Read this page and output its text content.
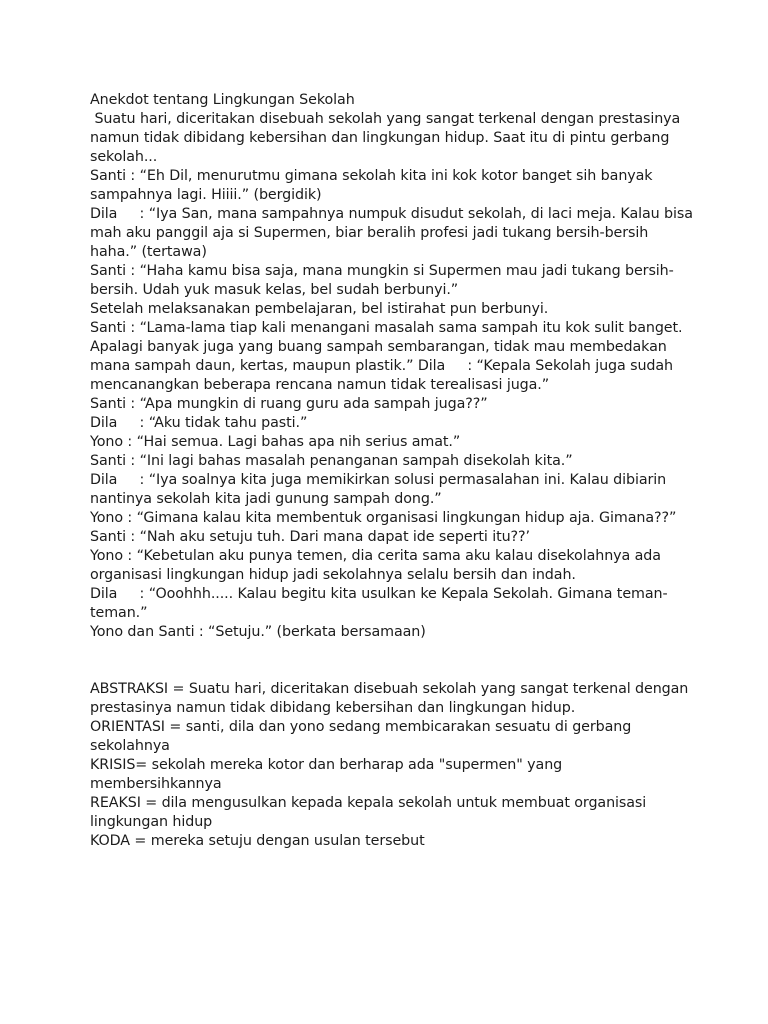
Anekdot tentang Lingkungan Sekolah
Suatu hari, diceritakan disebuah sekolah yang sangat terkenal dengan prestasinya
namun tidak dibidang kebersihan dan lingkungan hidup. Saat itu di pintu gerbang
sekolah...
Santi : “Eh Dil, menurutmu gimana sekolah kita ini kok kotor banget sih banyak
sampahnya lagi. Hiiii.” (bergidik)
Dila     : “Iya San, mana sampahnya numpuk disudut sekolah, di laci meja. Kalau bisa
mah aku panggil aja si Supermen, biar beralih profesi jadi tukang bersih-bersih
haha.” (tertawa)
Santi : “Haha kamu bisa saja, mana mungkin si Supermen mau jadi tukang bersih-
bersih. Udah yuk masuk kelas, bel sudah berbunyi.”
Setelah melaksanakan pembelajaran, bel istirahat pun berbunyi.
Santi : “Lama-lama tiap kali menangani masalah sama sampah itu kok sulit banget.
Apalagi banyak juga yang buang sampah sembarangan, tidak mau membedakan
mana sampah daun, kertas, maupun plastik.” Dila     : “Kepala Sekolah juga sudah
mencanangkan beberapa rencana namun tidak terealisasi juga.”
Santi : “Apa mungkin di ruang guru ada sampah juga??”
Dila     : “Aku tidak tahu pasti.”
Yono : “Hai semua. Lagi bahas apa nih serius amat.”
Santi : “Ini lagi bahas masalah penanganan sampah disekolah kita.”
Dila     : “Iya soalnya kita juga memikirkan solusi permasalahan ini. Kalau dibiarin
nantinya sekolah kita jadi gunung sampah dong.”
Yono : “Gimana kalau kita membentuk organisasi lingkungan hidup aja. Gimana??”
Santi : “Nah aku setuju tuh. Dari mana dapat ide seperti itu??’
Yono : “Kebetulan aku punya temen, dia cerita sama aku kalau disekolahnya ada
organisasi lingkungan hidup jadi sekolahnya selalu bersih dan indah.
Dila     : “Ooohhh..... Kalau begitu kita usulkan ke Kepala Sekolah. Gimana teman-
teman.”
Yono dan Santi : “Setuju.” (berkata bersamaan)
ABSTRAKSI = Suatu hari, diceritakan disebuah sekolah yang sangat terkenal dengan
prestasinya namun tidak dibidang kebersihan dan lingkungan hidup.
ORIENTASI = santi, dila dan yono sedang membicarakan sesuatu di gerbang
sekolahnya
KRISIS= sekolah mereka kotor dan berharap ada "supermen" yang
membersihkannya
REAKSI = dila mengusulkan kepada kepala sekolah untuk membuat organisasi
lingkungan hidup
KODA = mereka setuju dengan usulan tersebut
